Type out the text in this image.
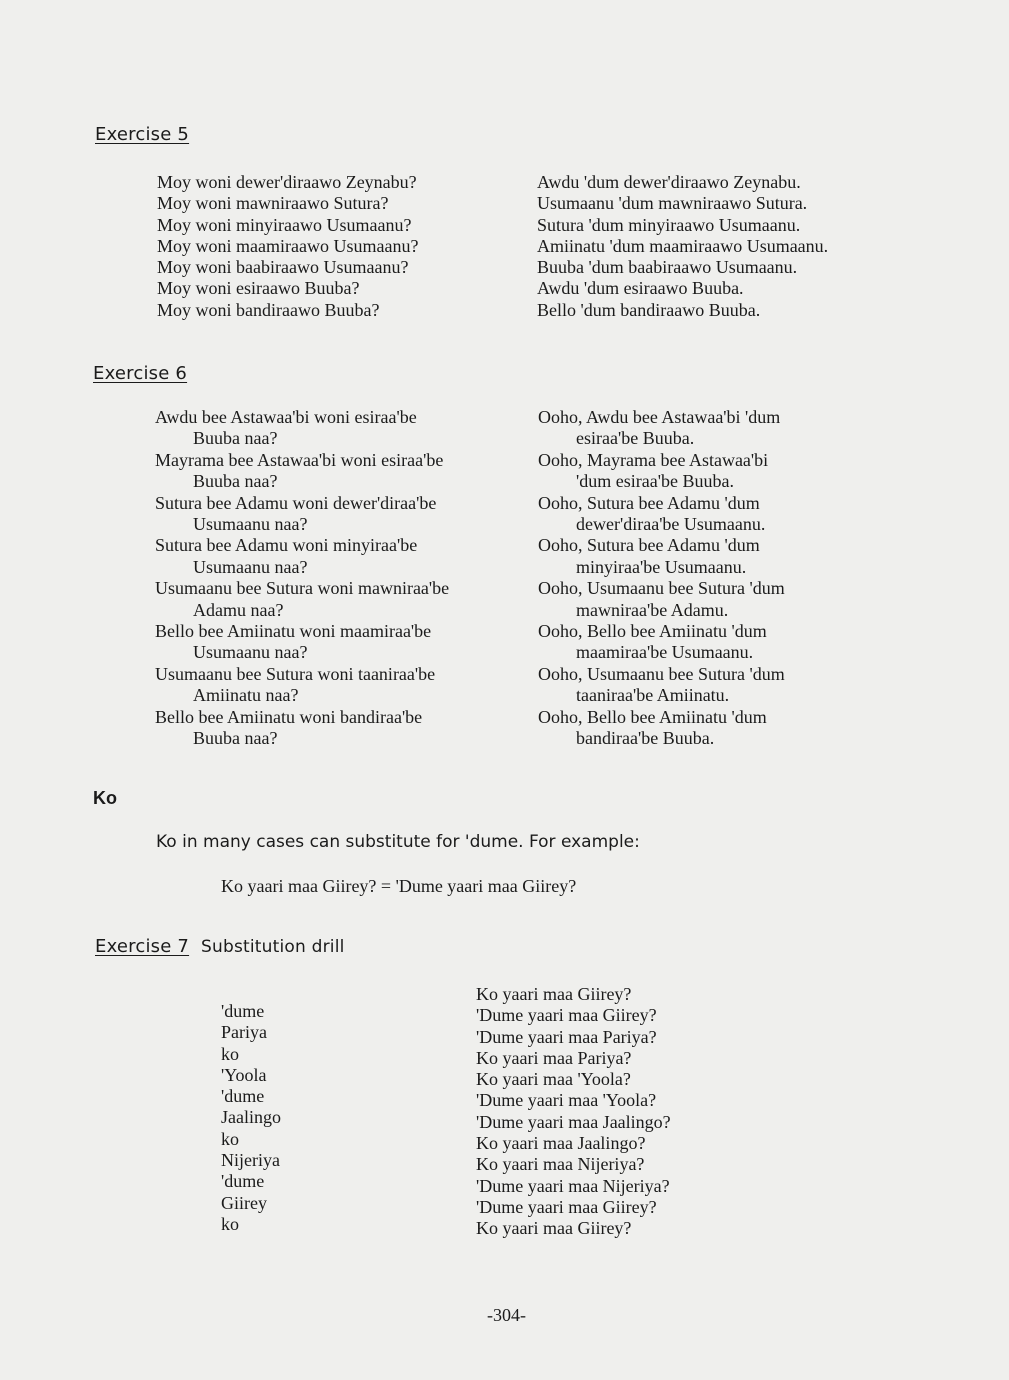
Exercise 5
Moy woni dewer'diraawo Zeynabu?
Moy woni mawniraawo Sutura?
Moy woni minyiraawo Usumaanu?
Moy woni maamiraawo Usumaanu?
Moy woni baabiraawo Usumaanu?
Moy woni esiraawo Buuba?
Moy woni bandiraawo Buuba?
Awdu 'dum dewer'diraawo Zeynabu.
Usumaanu 'dum mawniraawo Sutura.
Sutura 'dum minyiraawo Usumaanu.
Amiinatu 'dum maamiraawo Usumaanu.
Buuba 'dum baabiraawo Usumaanu.
Awdu 'dum esiraawo Buuba.
Bello 'dum bandiraawo Buuba.
Exercise 6
Awdu bee Astawaa'bi woni esiraa'be
Buuba naa?
Mayrama bee Astawaa'bi woni esiraa'be
Buuba naa?
Sutura bee Adamu woni dewer'diraa'be
Usumaanu naa?
Sutura bee Adamu woni minyiraa'be
Usumaanu naa?
Usumaanu bee Sutura woni mawniraa'be
Adamu naa?
Bello bee Amiinatu woni maamiraa'be
Usumaanu naa?
Usumaanu bee Sutura woni taaniraa'be
Amiinatu naa?
Bello bee Amiinatu woni bandiraa'be
Buuba naa?
Ooho, Awdu bee Astawaa'bi 'dum
esiraa'be Buuba.
Ooho, Mayrama bee Astawaa'bi
'dum esiraa'be Buuba.
Ooho, Sutura bee Adamu 'dum
dewer'diraa'be Usumaanu.
Ooho, Sutura bee Adamu 'dum
minyiraa'be Usumaanu.
Ooho, Usumaanu bee Sutura 'dum
mawniraa'be Adamu.
Ooho, Bello bee Amiinatu 'dum
maamiraa'be Usumaanu.
Ooho, Usumaanu bee Sutura 'dum
taaniraa'be Amiinatu.
Ooho, Bello bee Amiinatu 'dum
bandiraa'be Buuba.
Ko
Ko in many cases can substitute for 'dume. For example:
Ko yaari maa Giirey? = 'Dume yaari maa Giirey?
Exercise 7 Substitution drill
'dume
Pariya
ko
'Yoola
'dume
Jaalingo
ko
Nijeriya
'dume
Giirey
ko
Ko yaari maa Giirey?
'Dume yaari maa Giirey?
'Dume yaari maa Pariya?
Ko yaari maa Pariya?
Ko yaari maa 'Yoola?
'Dume yaari maa 'Yoola?
'Dume yaari maa Jaalingo?
Ko yaari maa Jaalingo?
Ko yaari maa Nijeriya?
'Dume yaari maa Nijeriya?
'Dume yaari maa Giirey?
Ko yaari maa Giirey?
-304-
